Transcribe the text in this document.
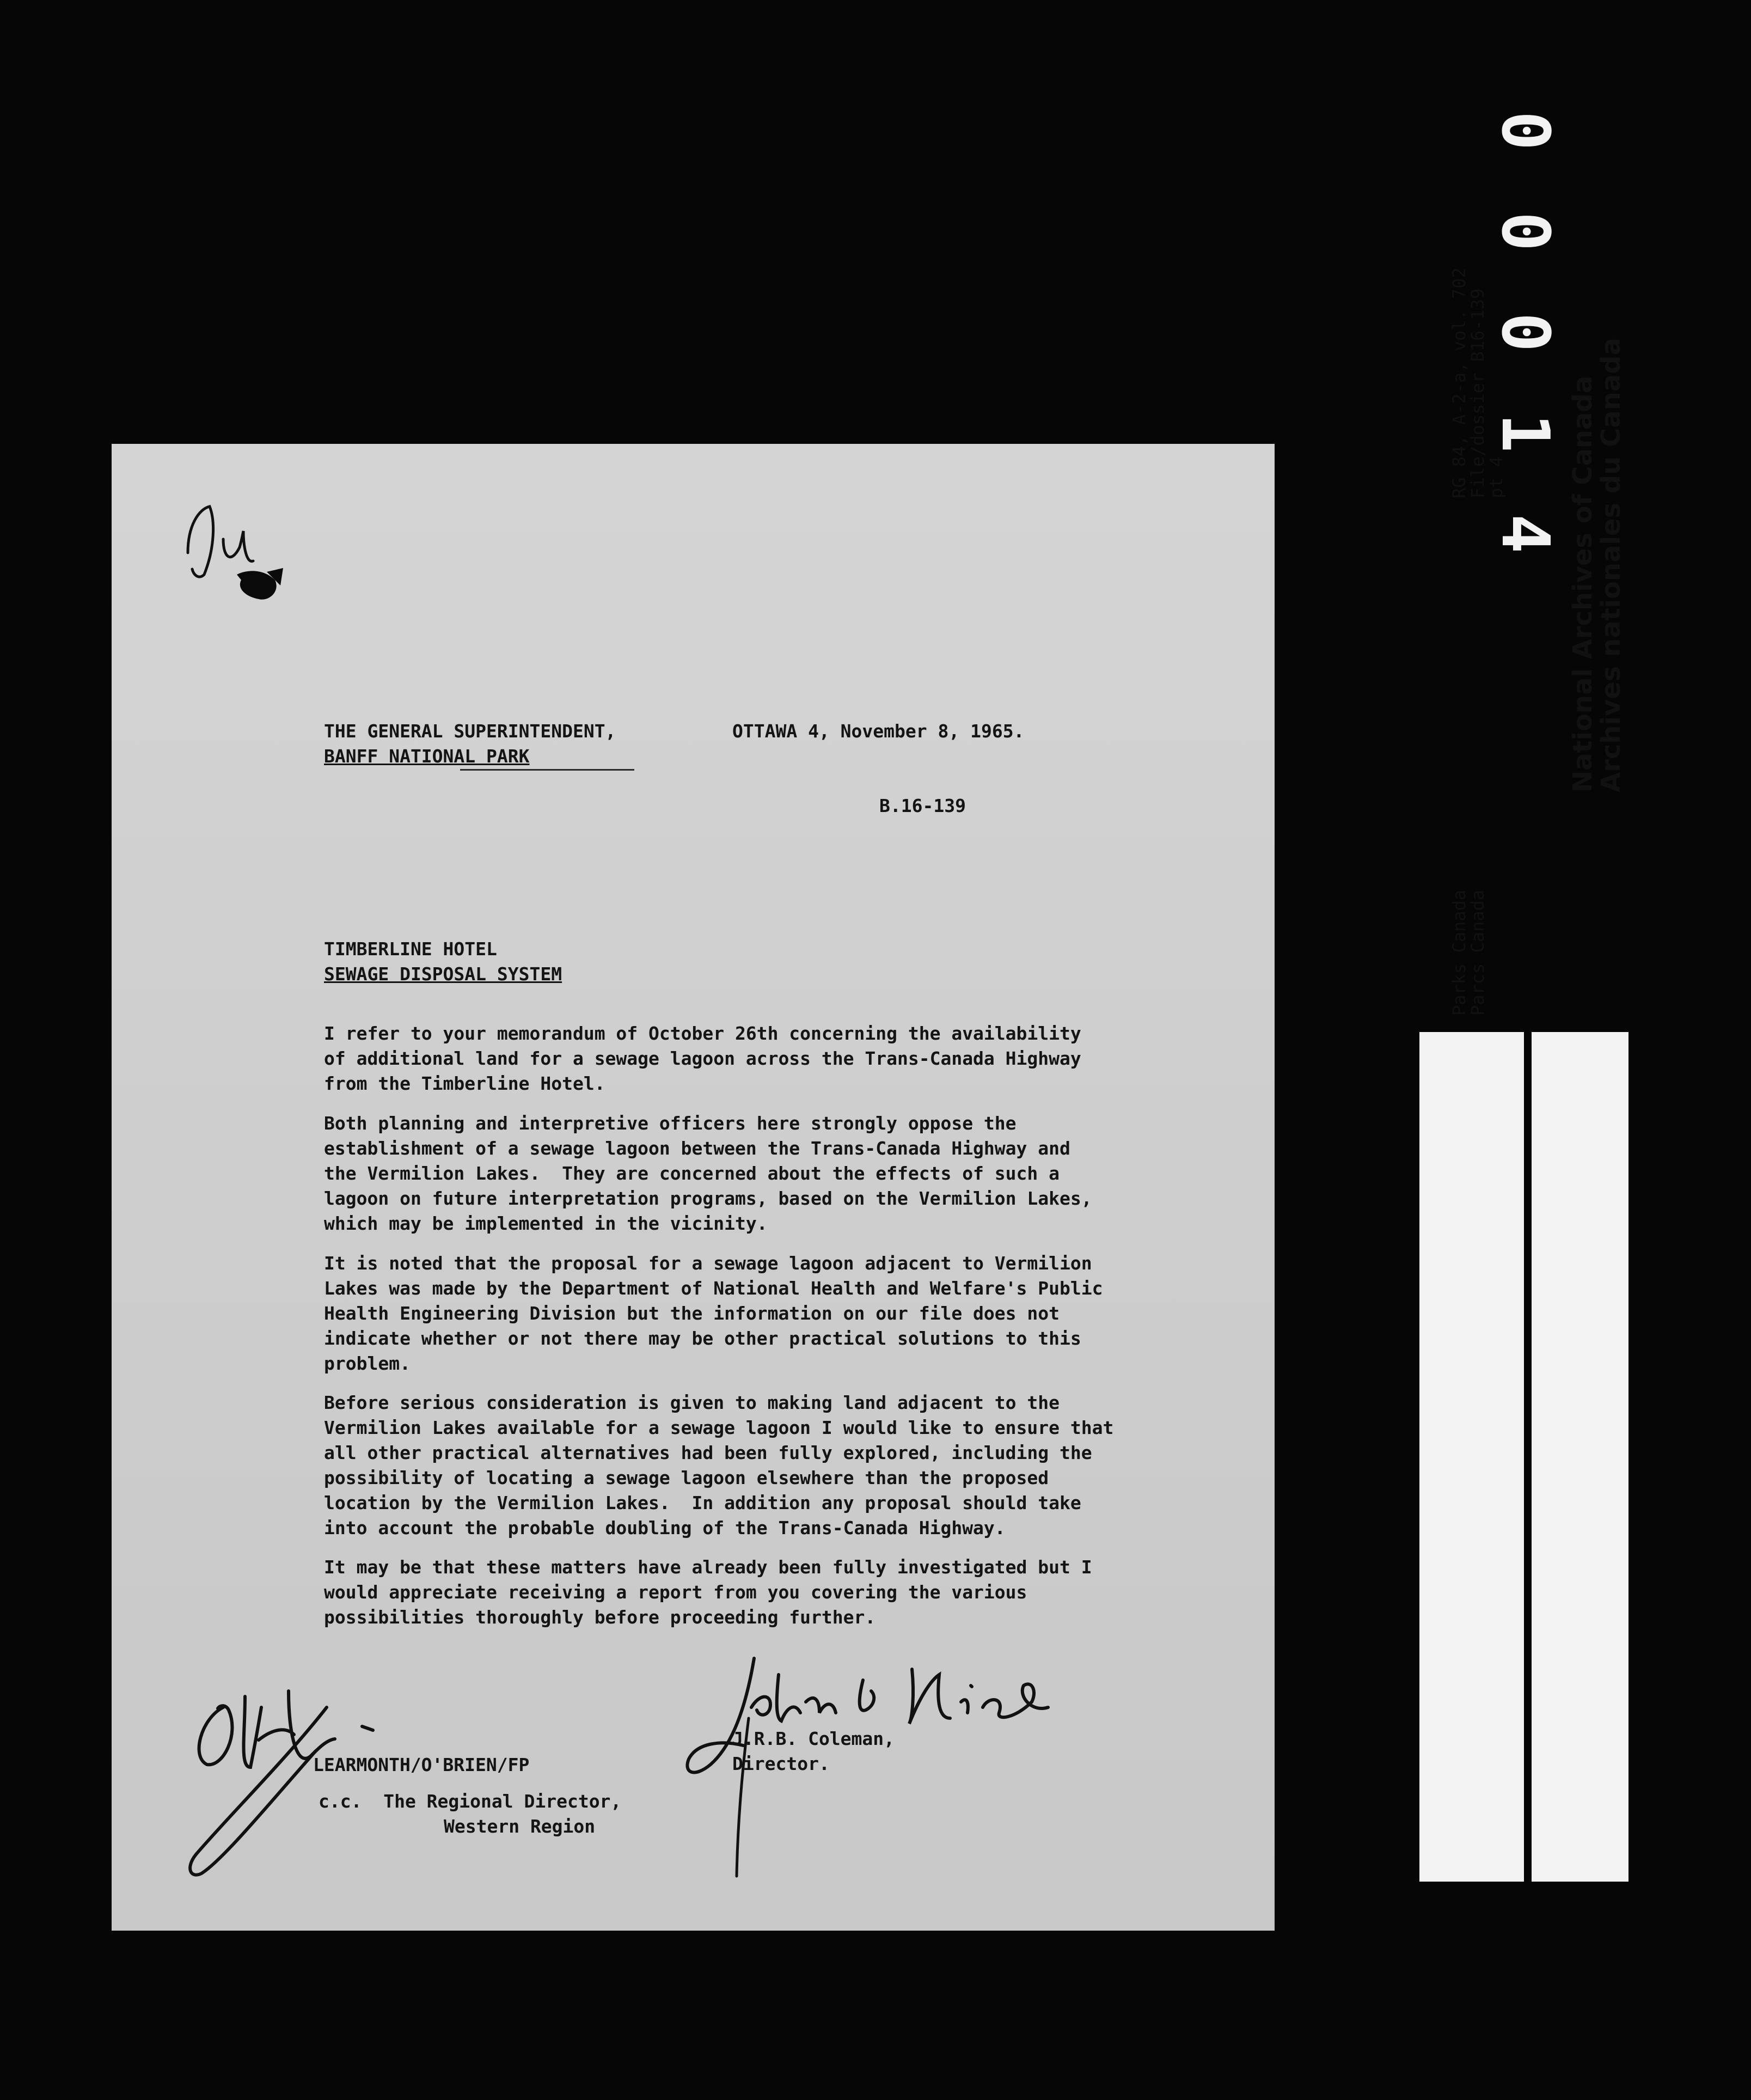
0
0
0
1
4
THE GENERAL SUPERINTENDENT,
BANFF NATIONAL PARK
OTTAWA 4, November 8, 1965.
B.16-139
TIMBERLINE HOTEL
SEWAGE DISPOSAL SYSTEM
I refer to your memorandum of October 26th concerning the availability
of additional land for a sewage lagoon across the Trans-Canada Highway
from the Timberline Hotel.
Both planning and interpretive officers here strongly oppose the
establishment of a sewage lagoon between the Trans-Canada Highway and
the Vermilion Lakes.  They are concerned about the effects of such a
lagoon on future interpretation programs, based on the Vermilion Lakes,
which may be implemented in the vicinity.
It is noted that the proposal for a sewage lagoon adjacent to Vermilion
Lakes was made by the Department of National Health and Welfare's Public
Health Engineering Division but the information on our file does not
indicate whether or not there may be other practical solutions to this
problem.
Before serious consideration is given to making land adjacent to the
Vermilion Lakes available for a sewage lagoon I would like to ensure that
all other practical alternatives had been fully explored, including the
possibility of locating a sewage lagoon elsewhere than the proposed
location by the Vermilion Lakes.  In addition any proposal should take
into account the probable doubling of the Trans-Canada Highway.
It may be that these matters have already been fully investigated but I
would appreciate receiving a report from you covering the various
possibilities thoroughly before proceeding further.
LEARMONTH/O'BRIEN/FP
c.c.  The Regional Director,
Western Region
J.R.B. Coleman,
Director.

RG 84, A-2-a, vol. 702

File/dossier B16-139

pt 4

Parks Canada

Parcs Canada

National Archives of Canada

Archives nationales du Canada
